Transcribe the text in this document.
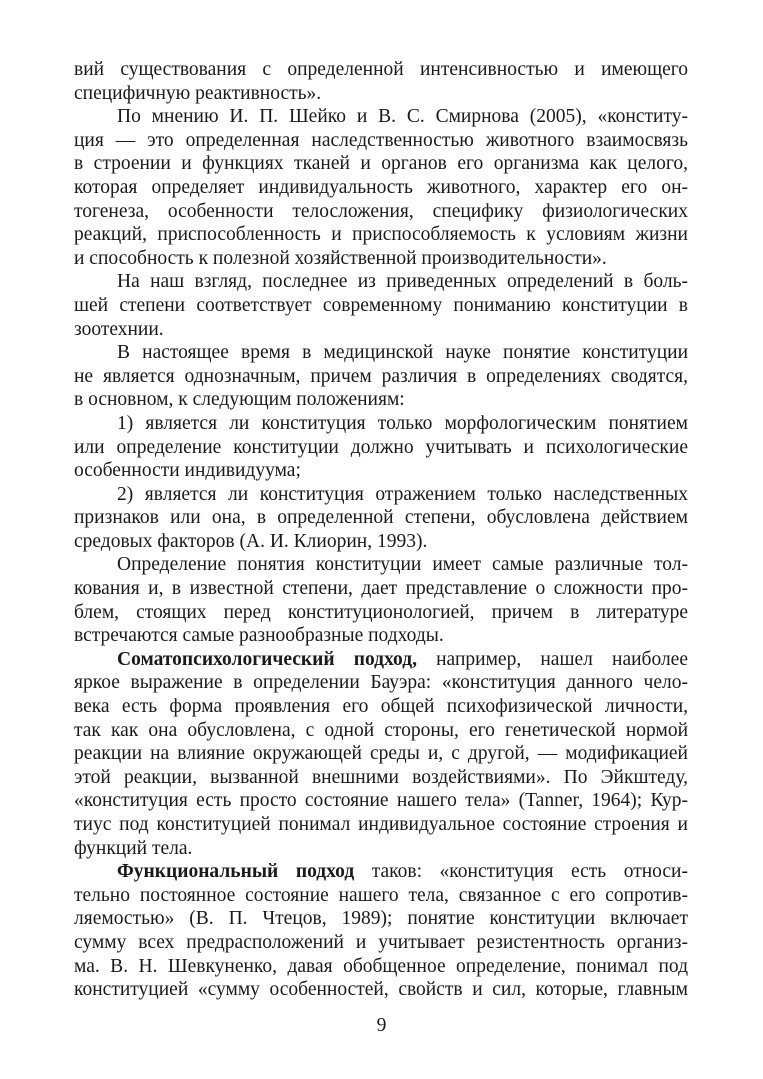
вий существования с определенной интенсивностью и имеющего
специфичную реактивность».
По мнению И. П. Шейко и В. С. Смирнова (2005), «конститу-
ция — это определенная наследственностью животного взаимосвязь
в строении и функциях тканей и органов его организма как целого,
которая определяет индивидуальность животного, характер его он-
тогенеза, особенности телосложения, специфику физиологических
реакций, приспособленность и приспособляемость к условиям жизни
и способность к полезной хозяйственной производительности».
На наш взгляд, последнее из приведенных определений в боль-
шей степени соответствует современному пониманию конституции в
зоотехнии.
В настоящее время в медицинской науке понятие конституции
не является однозначным, причем различия в определениях сводятся,
в основном, к следующим положениям:
1) является ли конституция только морфологическим понятием
или определение конституции должно учитывать и психологические
особенности индивидуума;
2) является ли конституция отражением только наследственных
признаков или она, в определенной степени, обусловлена действием
средовых факторов (А. И. Клиорин, 1993).
Определение понятия конституции имеет самые различные тол-
кования и, в известной степени, дает представление о сложности про-
блем, стоящих перед конституционологией, причем в литературе
встречаются самые разнообразные подходы.
Соматопсихологический подход, например, нашел наиболее
яркое выражение в определении Бауэра: «конституция данного чело-
века есть форма проявления его общей психофизической личности,
так как она обусловлена, с одной стороны, его генетической нормой
реакции на влияние окружающей среды и, с другой, — модификацией
этой реакции, вызванной внешними воздействиями». По Эйкштеду,
«конституция есть просто состояние нашего тела» (Tanner, 1964); Кур-
тиус под конституцией понимал индивидуальное состояние строения и
функций тела.
Функциональный подход таков: «конституция есть относи-
тельно постоянное состояние нашего тела, связанное с его сопротив-
ляемостью» (В. П. Чтецов, 1989); понятие конституции включает
сумму всех предрасположений и учитывает резистентность организ-
ма. В. Н. Шевкуненко, давая обобщенное определение, понимал под
конституцией «сумму особенностей, свойств и сил, которые, главным
9
